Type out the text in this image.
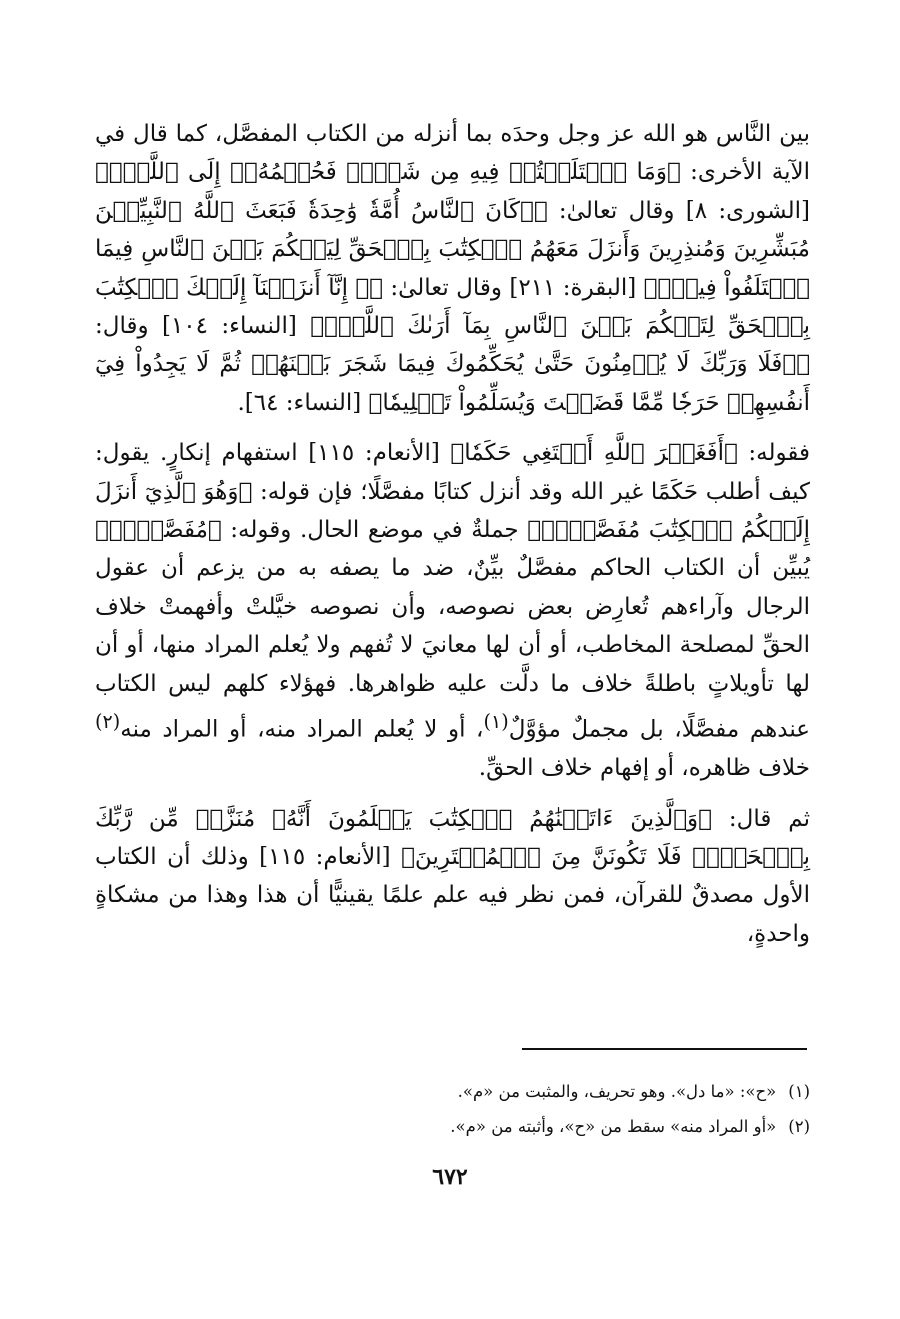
بين النَّاس هو الله عز وجل وحدَه بما أنزله من الكتاب المفصَّل، كما قال في الآية الأخرى: ﴿وَمَا ٱخۡتَلَفۡتُمۡ فِيهِ مِن شَيۡءٖ فَحُكۡمُهُۥٓ إِلَى ٱللَّهِۚ﴾ [الشورى: ٨] وقال تعالىٰ: ﴿۞كَانَ ٱلنَّاسُ أُمَّةٗ وَٰحِدَةٗ فَبَعَثَ ٱللَّهُ ٱلنَّبِيِّـۧنَ مُبَشِّرِينَ وَمُنذِرِينَ وَأَنزَلَ مَعَهُمُ ٱلۡكِتَٰبَ بِٱلۡحَقِّ لِيَحۡكُمَ بَيۡنَ ٱلنَّاسِ فِيمَا ٱخۡتَلَفُواْ فِيهِۚ﴾ [البقرة: ٢١١] وقال تعالىٰ: ﴿۞ إِنَّآ أَنزَلۡنَآ إِلَيۡكَ ٱلۡكِتَٰبَ بِٱلۡحَقِّ لِتَحۡكُمَ بَيۡنَ ٱلنَّاسِ بِمَآ أَرَىٰكَ ٱللَّهُۚ﴾ [النساء: ١٠٤] وقال: ﴿۞فَلَا وَرَبِّكَ لَا يُؤۡمِنُونَ حَتَّىٰ يُحَكِّمُوكَ فِيمَا شَجَرَ بَيۡنَهُمۡ ثُمَّ لَا يَجِدُواْ فِيٓ أَنفُسِهِمۡ حَرَجٗا مِّمَّا قَضَيۡتَ وَيُسَلِّمُواْ تَسۡلِيمٗا﴾ [النساء: ٦٤].

فقوله: ﴿أَفَغَيۡرَ ٱللَّهِ أَبۡتَغِي حَكَمٗا﴾ [الأنعام: ١١٥] استفهام إنكارٍ. يقول: كيف أطلب حَكَمًا غير الله وقد أنزل كتابًا مفصَّلًا؛ فإن قوله: ﴿وَهُوَ ٱلَّذِيٓ أَنزَلَ إِلَيۡكُمُ ٱلۡكِتَٰبَ مُفَصَّلٗاۚ﴾ جملةٌ في موضع الحال. وقوله: ﴿مُفَصَّلٗاۚ﴾ يُبيِّن أن الكتاب الحاكم مفصَّلٌ بيِّنٌ، ضد ما يصفه به من يزعم أن عقول الرجال وآراءهم تُعارِض بعض نصوصه، وأن نصوصه خيَّلتْ وأفهمتْ خلاف الحقِّ لمصلحة المخاطب، أو أن لها معانيَ لا تُفهم ولا يُعلم المراد منها، أو أن لها تأويلاتٍ باطلةً خلاف ما دلَّت عليه ظواهرها. فهؤلاء كلهم ليس الكتاب عندهم مفصَّلًا، بل مجملٌ مؤوَّلٌ$^{(١)}$، أو لا يُعلم المراد منه، أو المراد منه$^{(٢)}$ خلاف ظاهره، أو إفهام خلاف الحقِّ.

ثم قال: ﴿وَٱلَّذِينَ ءَاتَيۡنَٰهُمُ ٱلۡكِتَٰبَ يَعۡلَمُونَ أَنَّهُۥ مُنَزَّلٞ مِّن رَّبِّكَ بِٱلۡحَقِّۖ فَلَا تَكُونَنَّ مِنَ ٱلۡمُمۡتَرِينَ﴾ [الأنعام: ١١٥] وذلك أن الكتاب الأول مصدقٌ للقرآن، فمن نظر فيه علم علمًا يقينيًّا أن هذا وهذا من مشكاةٍ واحدةٍ،

(١)«ح»: «ما دل». وهو تحريف، والمثبت من «م».

(٢)«أو المراد منه» سقط من «ح»، وأثبته من «م».

٦٧٢
